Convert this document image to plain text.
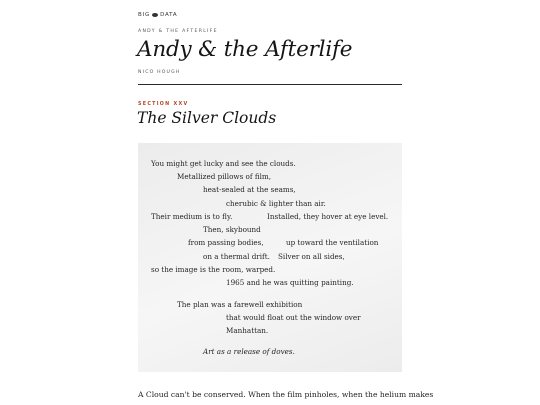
BIG DATA
ANDY & THE AFTERLIFE
Andy & the Afterlife
NICO HOUGH
SECTION XXV
The Silver Clouds
You might get lucky and see the clouds.
Metallized pillows of film,
heat-sealed at the seams,
cherubic & lighter than air.
Their medium is to fly.	Installed, they hover at eye level.
Then, skybound
from passing bodies,	up toward the ventilation
on a thermal drift. Silver on all sides,
so the image is the room, warped.
1965 and he was quitting painting.
The plan was a farewell exhibition
that would float out the window over
Manhattan.
Art as a release of doves.
A Cloud can't be conserved. When the film pinholes, when the helium makes
